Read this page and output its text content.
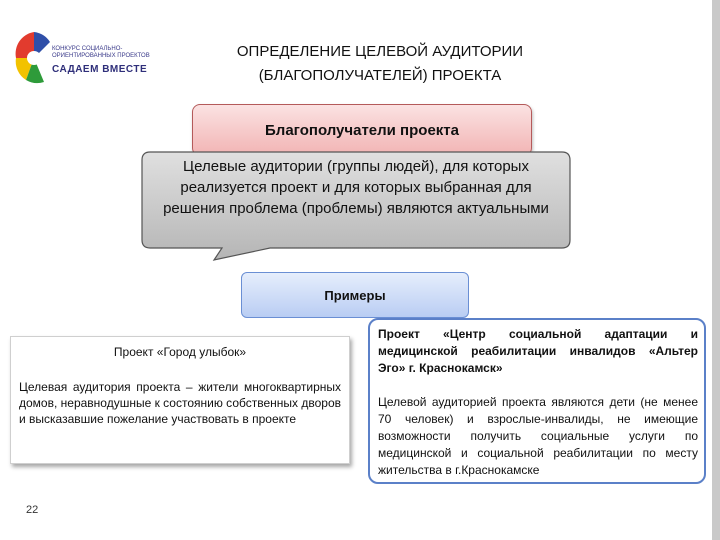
КОНКУРС СОЦИАЛЬНО-
ОРИЕНТИРОВАННЫХ ПРОЕКТОВ
САДАЕМ ВМЕСТЕ
ОПРЕДЕЛЕНИЕ ЦЕЛЕВОЙ АУДИТОРИИ
(БЛАГОПОЛУЧАТЕЛЕЙ) ПРОЕКТА
Благополучатели проекта
Целевые аудитории (группы людей), для которых реализуется проект и для которых выбранная для решения проблема (проблемы) являются актуальными
Примеры
Проект «Город улыбок»
Целевая аудитория проекта – жители многоквартирных домов, неравнодушные к состоянию собственных дворов и высказавшие пожелание участвовать в проекте
Проект «Центр социальной адаптации и медицинской реабилитации инвалидов «Альтер Эго» г. Краснокамск»
Целевой аудиторией проекта являются дети (не менее 70 человек) и взрослые-инвалиды, не имеющие возможности получить социальные услуги по медицинской и социальной реабилитации по месту жительства в г.Краснокамске
22
